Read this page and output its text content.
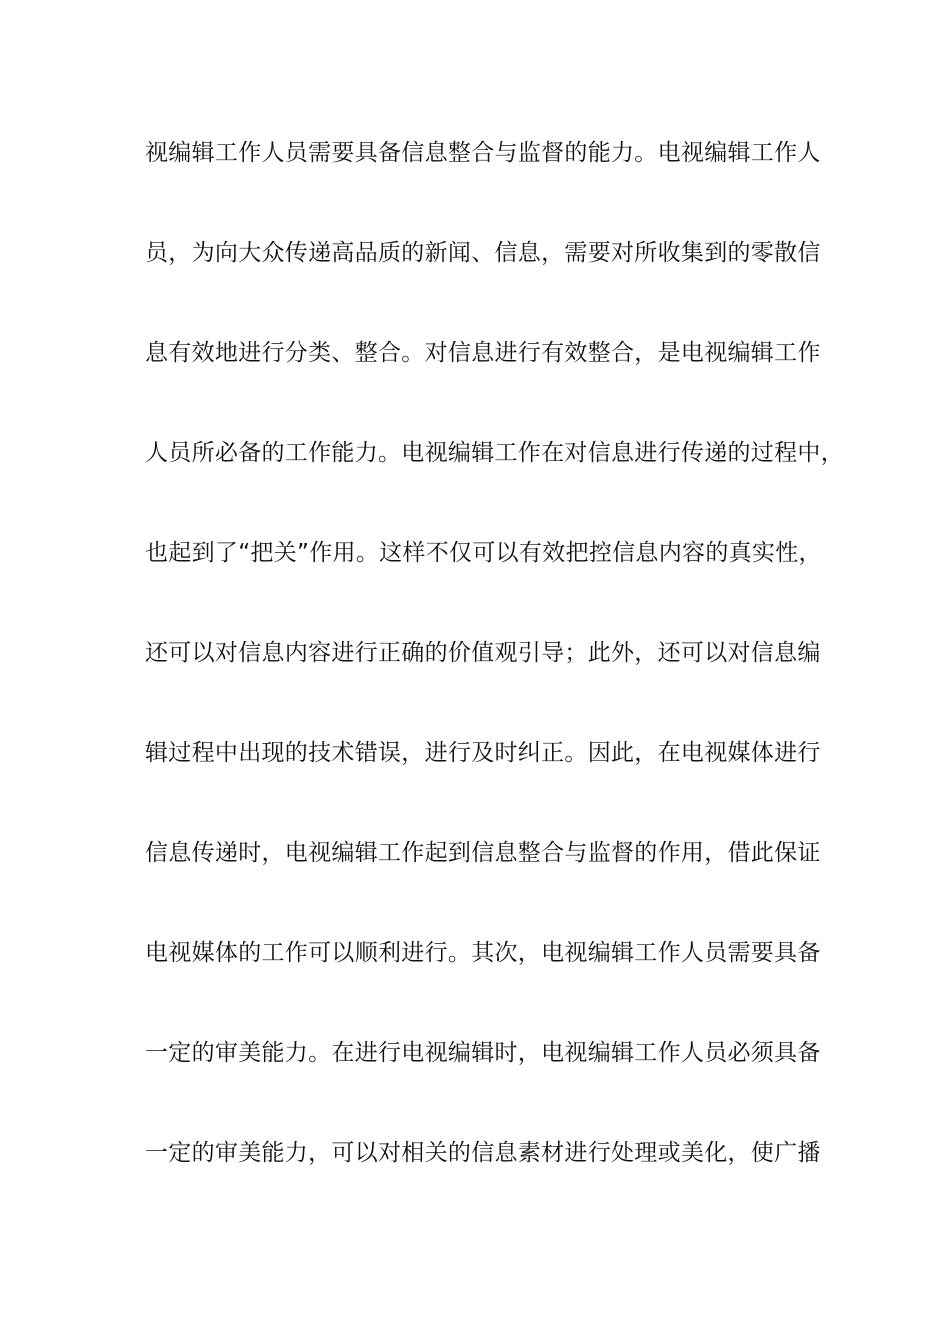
视编辑工作人员需要具备信息整合与监督的能力。电视编辑工作人
员，为向大众传递高品质的新闻、信息，需要对所收集到的零散信
息有效地进行分类、整合。对信息进行有效整合，是电视编辑工作
人员所必备的工作能力。电视编辑工作在对信息进行传递的过程中，
也起到了“把关”作用。这样不仅可以有效把控信息内容的真实性，
还可以对信息内容进行正确的价值观引导；此外，还可以对信息编
辑过程中出现的技术错误，进行及时纠正。因此，在电视媒体进行
信息传递时，电视编辑工作起到信息整合与监督的作用，借此保证
电视媒体的工作可以顺利进行。其次，电视编辑工作人员需要具备
一定的审美能力。在进行电视编辑时，电视编辑工作人员必须具备
一定的审美能力，可以对相关的信息素材进行处理或美化，使广播
